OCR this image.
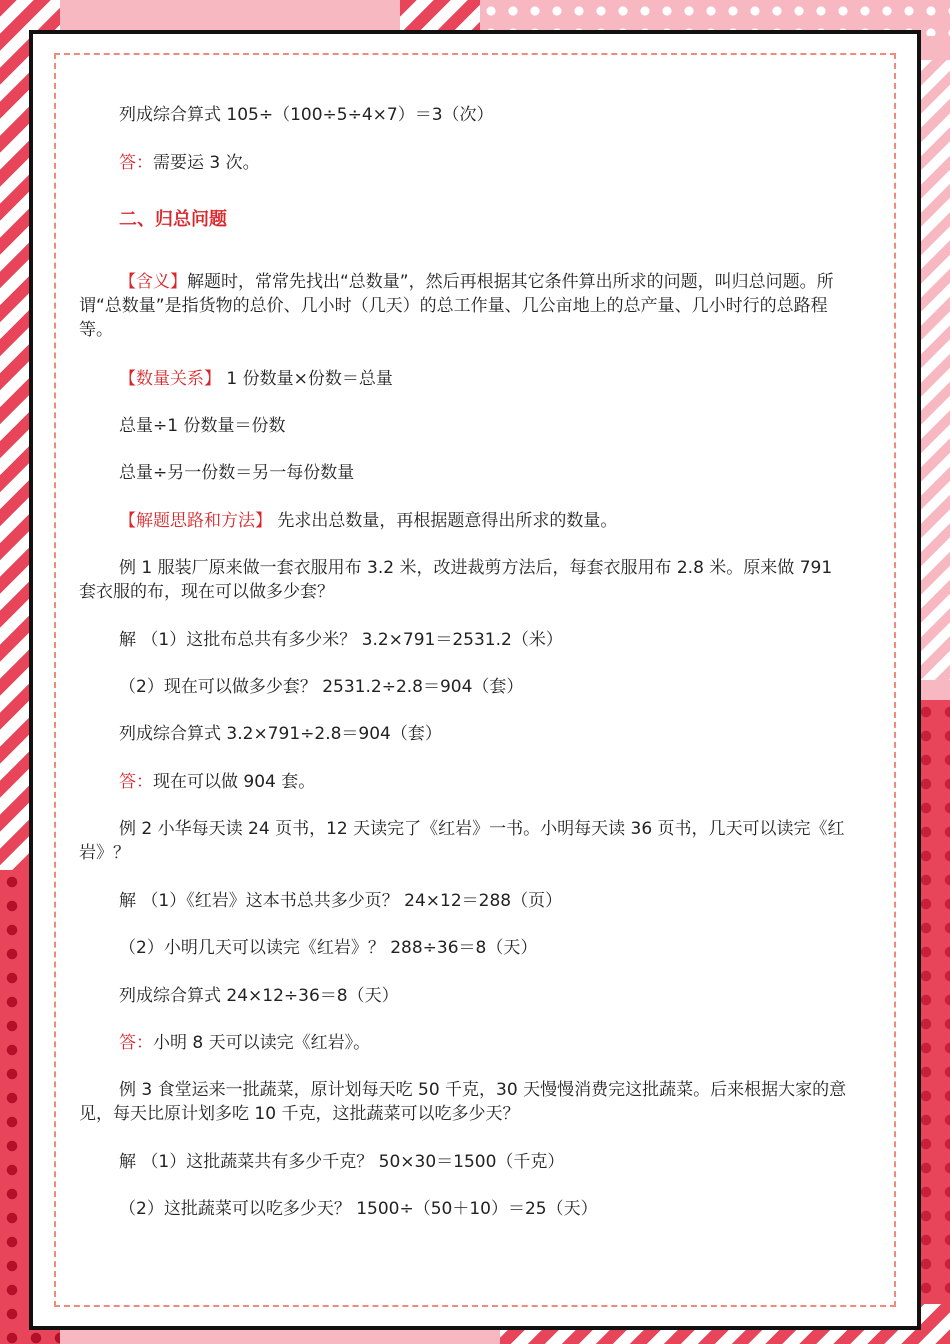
列成综合算式 105÷（100÷5÷4×7）＝3（次）

答：需要运 3 次。

二、归总问题

【含义】解题时，常常先找出“总数量”，然后再根据其它条件算出所求的问题，叫归总问题。所谓“总数量”是指货物的总价、几小时（几天）的总工作量、几公亩地上的总产量、几小时行的总路程等。

【数量关系】 1 份数量×份数＝总量

总量÷1 份数量＝份数

总量÷另一份数＝另一每份数量

【解题思路和方法】 先求出总数量，再根据题意得出所求的数量。

例 1 服装厂原来做一套衣服用布 3.2 米，改进裁剪方法后，每套衣服用布 2.8 米。原来做 791 套衣服的布，现在可以做多少套？

解 （1）这批布总共有多少米？ 3.2×791＝2531.2（米）

（2）现在可以做多少套？ 2531.2÷2.8＝904（套）

列成综合算式 3.2×791÷2.8＝904（套）

答：现在可以做 904 套。

例 2 小华每天读 24 页书，12 天读完了《红岩》一书。小明每天读 36 页书，几天可以读完《红岩》？

解 （1）《红岩》这本书总共多少页？ 24×12＝288（页）

（2）小明几天可以读完《红岩》？ 288÷36＝8（天）

列成综合算式 24×12÷36＝8（天）

答：小明 8 天可以读完《红岩》。

例 3 食堂运来一批蔬菜，原计划每天吃 50 千克，30 天慢慢消费完这批蔬菜。后来根据大家的意见，每天比原计划多吃 10 千克，这批蔬菜可以吃多少天？

解 （1）这批蔬菜共有多少千克？ 50×30＝1500（千克）

（2）这批蔬菜可以吃多少天？ 1500÷（50＋10）＝25（天）
